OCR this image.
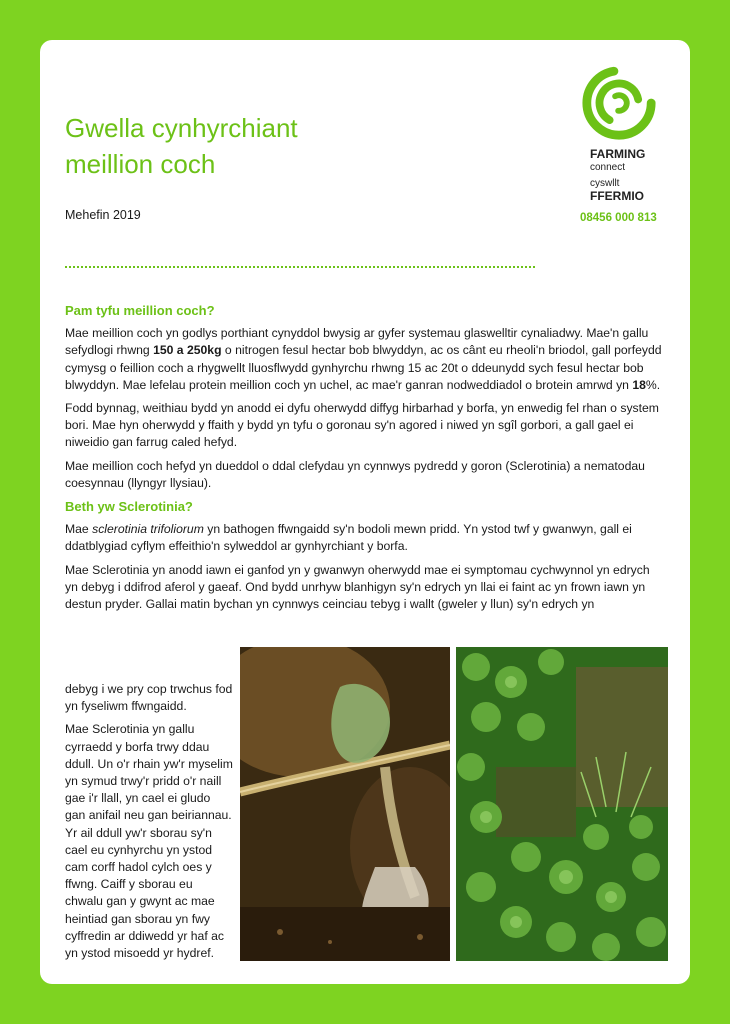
Gwella cynhyrchiant
meillion coch
Mehefin 2019
FARMING
connect
cyswllt
FFERMIO
08456 000 813
Pam tyfu meillion coch?

Mae meillion coch yn godlys porthiant cynyddol bwysig ar gyfer systemau glaswelltir cynaliadwy. Mae'n gallu sefydlogi rhwng 150 a 250kg o nitrogen fesul hectar bob blwyddyn, ac os cânt eu rheoli'n briodol, gall porfeydd cymysg o feillion coch a rhygwellt lluosflwydd gynhyrchu rhwng 15 ac 20t o ddeunydd sych fesul hectar bob blwyddyn. Mae lefelau protein meillion coch yn uchel, ac mae'r ganran nodweddiadol o brotein amrwd yn 18%.

Fodd bynnag, weithiau bydd yn anodd ei dyfu oherwydd diffyg hirbarhad y borfa, yn enwedig fel rhan o system bori. Mae hyn oherwydd y ffaith y bydd yn tyfu o goronau sy'n agored i niwed yn sgîl gorbori, a gall gael ei niweidio gan farrug caled hefyd.

Mae meillion coch hefyd yn dueddol o ddal clefydau yn cynnwys pydredd y goron (Sclerotinia) a nematodau coesynnau (llyngyr llysiau).

Beth yw Sclerotinia?

Mae sclerotinia trifoliorum yn bathogen ffwngaidd sy'n bodoli mewn pridd. Yn ystod twf y gwanwyn, gall ei ddatblygiad cyflym effeithio'n sylweddol ar gynhyrchiant y borfa.

Mae Sclerotinia yn anodd iawn ei ganfod yn y gwanwyn oherwydd mae ei symptomau cychwynnol yn edrych yn debyg i ddifrod aferol y gaeaf. Ond bydd unrhyw blanhigyn sy'n edrych yn llai ei faint ac yn frown iawn yn destun pryder. Gallai matin bychan yn cynnwys ceinciau tebyg i wallt (gweler y llun) sy'n edrych yn

debyg i we pry cop trwchus fod yn fyseliwm ffwngaidd.

Mae Sclerotinia yn gallu cyrraedd y borfa trwy ddau ddull. Un o'r rhain yw'r myselim yn symud trwy'r pridd o'r naill gae i'r llall, yn cael ei gludo gan anifail neu gan beiriannau. Yr ail ddull yw'r sborau sy'n cael eu cynhyrchu yn ystod cam corff hadol cylch oes y ffwng. Caiff y sborau eu chwalu gan y gwynt ac mae heintiad gan sborau yn fwy cyffredin ar ddiwedd yr haf ac yn ystod misoedd yr hydref.
